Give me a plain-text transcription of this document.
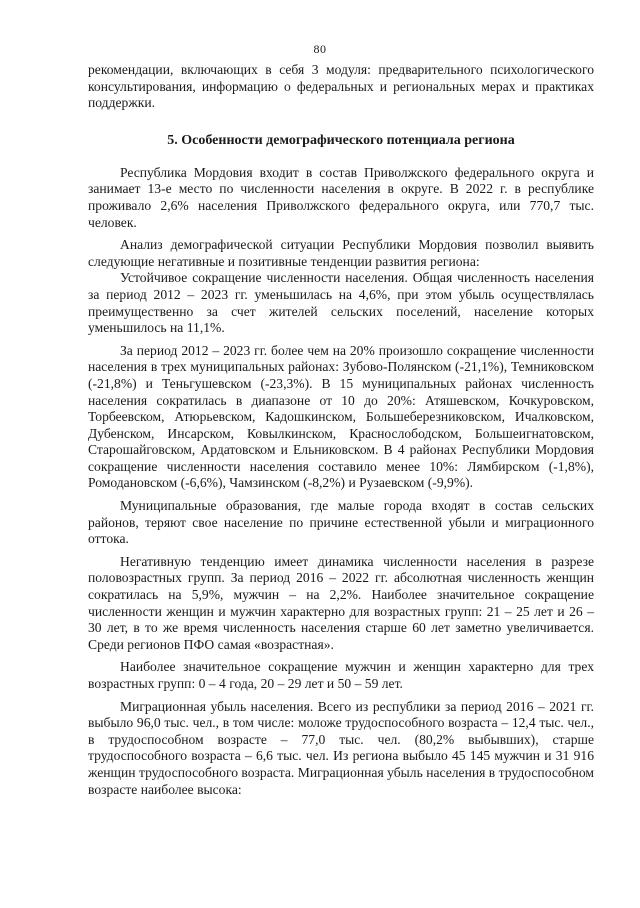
80

рекомендации, включающих в себя 3 модуля: предварительного психологического консультирования, информацию о федеральных и региональных мерах и практиках поддержки.

5. Особенности демографического потенциала региона

Республика Мордовия входит в состав Приволжского федерального округа и занимает 13-е место по численности населения в округе. В 2022 г. в республике проживало 2,6% населения Приволжского федерального округа, или 770,7 тыс. человек.

Анализ демографической ситуации Республики Мордовия позволил выявить следующие негативные и позитивные тенденции развития региона:

Устойчивое сокращение численности населения. Общая численность населения за период 2012 – 2023 гг. уменьшилась на 4,6%, при этом убыль осуществлялась преимущественно за счет жителей сельских поселений, население которых уменьшилось на 11,1%.

За период 2012 – 2023 гг. более чем на 20% произошло сокращение численности населения в трех муниципальных районах: Зубово-Полянском (-21,1%), Темниковском (-21,8%) и Теньгушевском (-23,3%). В 15 муниципальных районах численность населения сократилась в диапазоне от 10 до 20%: Атяшевском, Кочкуровском, Торбеевском, Атюрьевском, Кадошкинском, Большеберезниковском, Ичалковском, Дубенском, Инсарском, Ковылкинском, Краснослободском, Большеигнатовском, Старошайговском, Ардатовском и Ельниковском. В 4 районах Республики Мордовия сокращение численности населения составило менее 10%: Лямбирском (-1,8%), Ромодановском (-6,6%), Чамзинском (-8,2%) и Рузаевском (-9,9%).

Муниципальные образования, где малые города входят в состав сельских районов, теряют свое население по причине естественной убыли и миграционного оттока.

Негативную тенденцию имеет динамика численности населения в разрезе половозрастных групп. За период 2016 – 2022 гг. абсолютная численность женщин сократилась на 5,9%, мужчин – на 2,2%. Наиболее значительное сокращение численности женщин и мужчин характерно для возрастных групп: 21 – 25 лет и 26 – 30 лет, в то же время численность населения старше 60 лет заметно увеличивается. Среди регионов ПФО самая «возрастная».

Наиболее значительное сокращение мужчин и женщин характерно для трех возрастных групп: 0 – 4 года, 20 – 29 лет и 50 – 59 лет.

Миграционная убыль населения. Всего из республики за период 2016 – 2021 гг. выбыло 96,0 тыс. чел., в том числе: моложе трудоспособного возраста – 12,4 тыс. чел., в трудоспособном возрасте – 77,0 тыс. чел. (80,2% выбывших), старше трудоспособного возраста – 6,6 тыс. чел. Из региона выбыло 45 145 мужчин и 31 916 женщин трудоспособного возраста. Миграционная убыль населения в трудоспособном возрасте наиболее высока:
